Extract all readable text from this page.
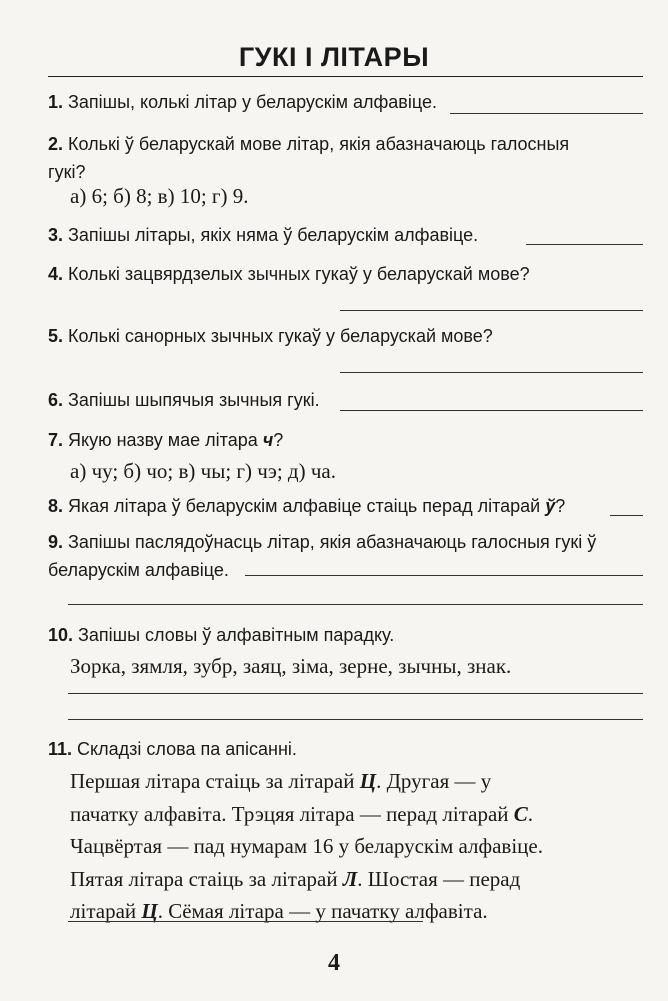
ГУКІ І ЛІТАРЫ
1. Запішы, колькі літар у беларускім алфавіце.
2. Колькі ў беларускай мове літар, якія абазначаюць галосныя
гукі?
а) 6; б) 8; в) 10; г) 9.
3. Запішы літары, якіх няма ў беларускім алфавіце.
4. Колькі зацвярдзелых зычных гукаў у беларускай мове?
5. Колькі санорных зычных гукаў у беларускай мове?
6. Запішы шыпячыя зычныя гукі.
7. Якую назву мае літара ч?
а) чу; б) чо; в) чы; г) чэ; д) ча.
8. Якая літара ў беларускім алфавіце стаіць перад літарай ў?
9. Запішы паслядоўнасць літар, якія абазначаюць галосныя гукі ў
беларускім алфавіце.
10. Запішы словы ў алфавітным парадку.
Зорка, зямля, зубр, заяц, зіма, зерне, зычны, знак.
11. Складзі слова па апісанні.
Першая літара стаіць за літарай Ц. Другая — у
пачатку алфавіта. Трэцяя літара — перад літарай С.
Чацвёртая — пад нумарам 16 у беларускім алфавіце.
Пятая літара стаіць за літарай Л. Шостая — перад
літарай Ц. Сёмая літара — у пачатку алфавіта.
4
